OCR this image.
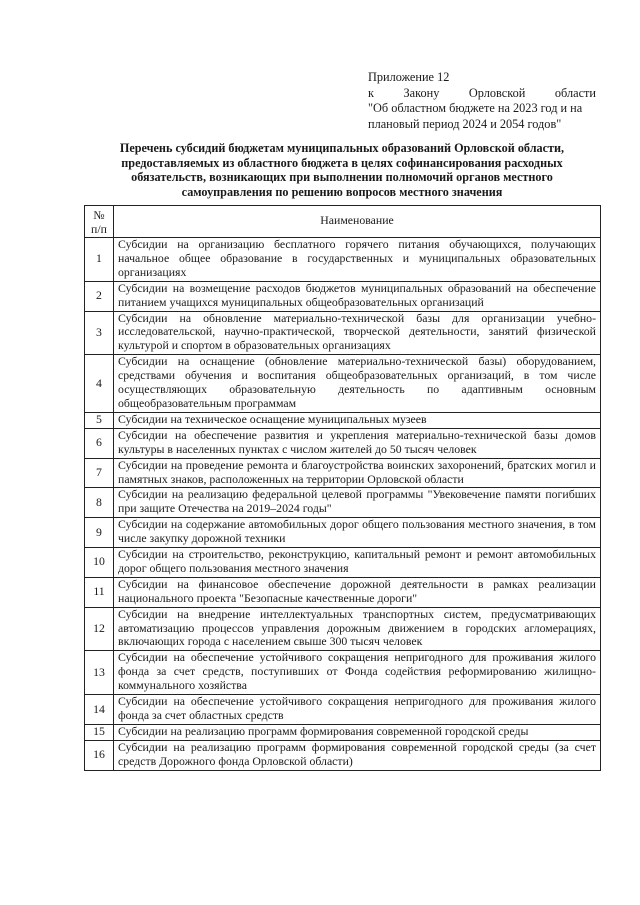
Приложение 12
к Закону Орловской области
"Об областном бюджете на 2023 год и на
плановый период 2024 и 2054 годов"
Перечень субсидий бюджетам муниципальных образований Орловской области,
предоставляемых из областного бюджета в целях софинансирования расходных
обязательств, возникающих при выполнении полномочий органов местного
самоуправления по решению вопросов местного значения
№
п/п	Наименование
1	Субсидии на организацию бесплатного горячего питания обучающихся, получающих начальное общее образование в государственных и муниципальных образовательных организациях
2	Субсидии на возмещение расходов бюджетов муниципальных образований на обеспечение питанием учащихся муниципальных общеобразовательных организаций
3	Субсидии на обновление материально-технической базы для организации учебно-исследовательской, научно-практической, творческой деятельности, занятий физической культурой и спортом в образовательных организациях
4	Субсидии на оснащение (обновление материально-технической базы) оборудованием, средствами обучения и воспитания общеобразовательных организаций, в том числе осуществляющих образовательную деятельность по адаптивным основным общеобразовательным программам
5	Субсидии на техническое оснащение муниципальных музеев
6	Субсидии на обеспечение развития и укрепления материально-технической базы домов культуры в населенных пунктах с числом жителей до 50 тысяч человек
7	Субсидии на проведение ремонта и благоустройства воинских захоронений, братских могил и памятных знаков, расположенных на территории Орловской области
8	Субсидии на реализацию федеральной целевой программы "Увековечение памяти погибших при защите Отечества на 2019–2024 годы"
9	Субсидии на содержание автомобильных дорог общего пользования местного значения, в том числе закупку дорожной техники
10	Субсидии на строительство, реконструкцию, капитальный ремонт и ремонт автомобильных дорог общего пользования местного значения
11	Субсидии на финансовое обеспечение дорожной деятельности в рамках реализации национального проекта "Безопасные качественные дороги"
12	Субсидии на внедрение интеллектуальных транспортных систем, предусматривающих автоматизацию процессов управления дорожным движением в городских агломерациях, включающих города с населением свыше 300 тысяч человек
13	Субсидии на обеспечение устойчивого сокращения непригодного для проживания жилого фонда за счет средств, поступивших от Фонда содействия реформированию жилищно-коммунального хозяйства
14	Субсидии на обеспечение устойчивого сокращения непригодного для проживания жилого фонда за счет областных средств
15	Субсидии на реализацию программ формирования современной городской среды
16	Субсидии на реализацию программ формирования современной городской среды (за счет средств Дорожного фонда Орловской области)
